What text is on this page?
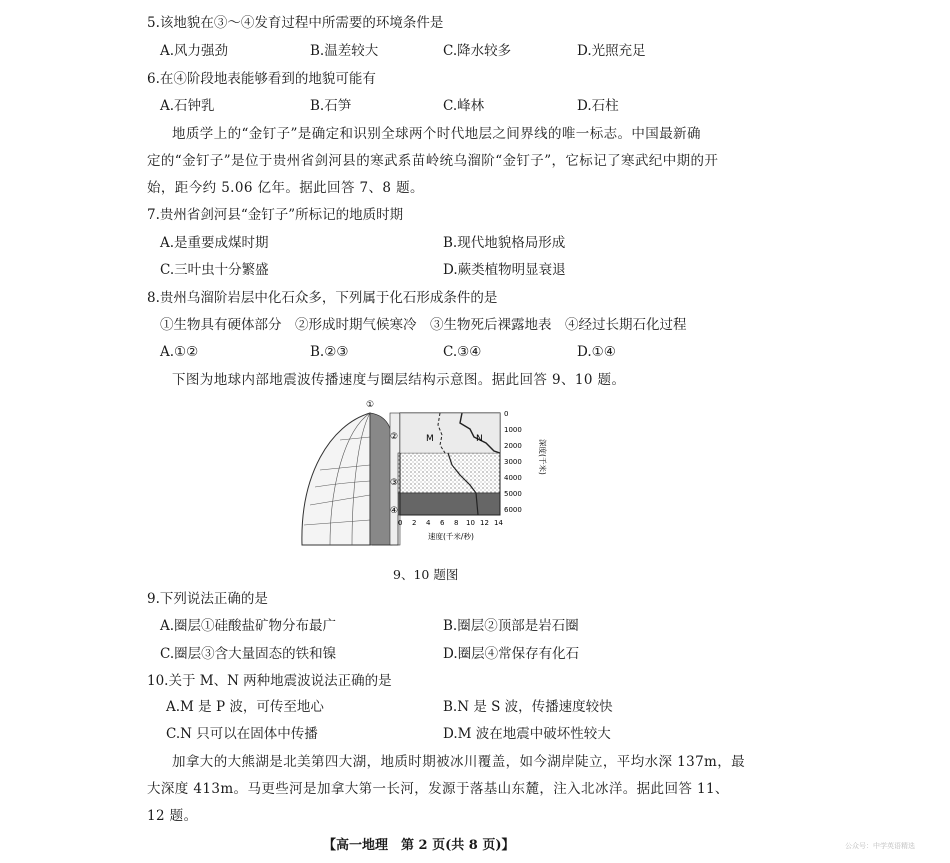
5.该地貌在③～④发育过程中所需要的环境条件是
A.风力强劲	B.温差较大	C.降水较多	D.光照充足
6.在④阶段地表能够看到的地貌可能有
A.石钟乳	B.石笋	C.峰林	D.石柱
地质学上的“金钉子”是确定和识别全球两个时代地层之间界线的唯一标志。中国最新确
定的“金钉子”是位于贵州省剑河县的寒武系苗岭统乌溜阶“金钉子”，它标记了寒武纪中期的开
始，距今约 5.06 亿年。据此回答 7、8 题。
7.贵州省剑河县“金钉子”所标记的地质时期
A.是重要成煤时期	B.现代地貌格局形成
C.三叶虫十分繁盛	D.蕨类植物明显衰退
8.贵州乌溜阶岩层中化石众多，下列属于化石形成条件的是
①生物具有硬体部分　②形成时期气候寒冷　③生物死后裸露地表　④经过长期石化过程
A.①②	B.②③	C.③④	D.①④
下图为地球内部地震波传播速度与圈层结构示意图。据此回答 9、10 题。
①
②
③
④
M	N
0
1000
2000
3000
4000
5000
6000
深度(千米)
0 2 4 6 8 10 12 14
速度(千米/秒)
9、10 题图
9.下列说法正确的是
A.圈层①硅酸盐矿物分布最广	B.圈层②顶部是岩石圈
C.圈层③含大量固态的铁和镍	D.圈层④常保存有化石
10.关于 M、N 两种地震波说法正确的是
A.M 是 P 波，可传至地心	B.N 是 S 波，传播速度较快
C.N 只可以在固体中传播	D.M 波在地震中破坏性较大
加拿大的大熊湖是北美第四大湖，地质时期被冰川覆盖，如今湖岸陡立，平均水深 137m，最
大深度 413m。马更些河是加拿大第一长河，发源于落基山东麓，注入北冰洋。据此回答 11、
12 题。
【高一地理　第 2 页(共 8 页)】	公众号：中学英语精选
